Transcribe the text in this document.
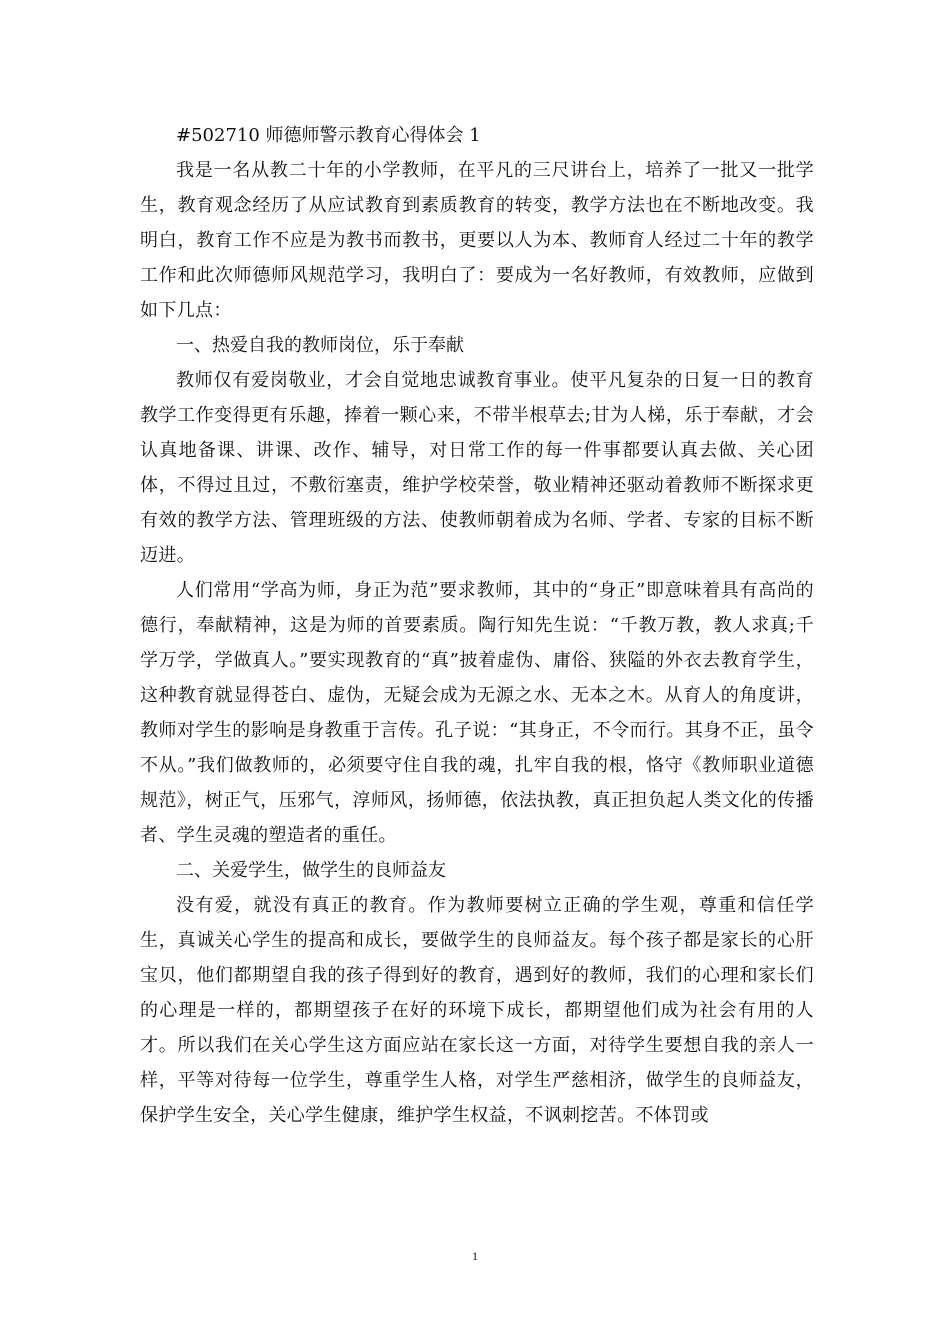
#502710 师德师警示教育心得体会 1

我是一名从教二十年的小学教师，在平凡的三尺讲台上，培养了一批又一批学生，教育观念经历了从应试教育到素质教育的转变，教学方法也在不断地改变。我明白，教育工作不应是为教书而教书，更要以人为本、教师育人经过二十年的教学工作和此次师德师风规范学习，我明白了：要成为一名好教师，有效教师，应做到如下几点：

一、热爱自我的教师岗位，乐于奉献

教师仅有爱岗敬业，才会自觉地忠诚教育事业。使平凡复杂的日复一日的教育教学工作变得更有乐趣，捧着一颗心来，不带半根草去;甘为人梯，乐于奉献，才会认真地备课、讲课、改作、辅导，对日常工作的每一件事都要认真去做、关心团体，不得过且过，不敷衍塞责，维护学校荣誉，敬业精神还驱动着教师不断探求更有效的教学方法、管理班级的方法、使教师朝着成为名师、学者、专家的目标不断迈进。

人们常用“学高为师，身正为范”要求教师，其中的“身正”即意味着具有高尚的德行，奉献精神，这是为师的首要素质。陶行知先生说：“千教万教，教人求真;千学万学，学做真人。”要实现教育的“真”披着虚伪、庸俗、狭隘的外衣去教育学生，这种教育就显得苍白、虚伪，无疑会成为无源之水、无本之木。从育人的角度讲，教师对学生的影响是身教重于言传。孔子说：“其身正，不令而行。其身不正，虽令不从。”我们做教师的，必须要守住自我的魂，扎牢自我的根，恪守《教师职业道德规范》，树正气，压邪气，淳师风，扬师德，依法执教，真正担负起人类文化的传播者、学生灵魂的塑造者的重任。

二、关爱学生，做学生的良师益友

没有爱，就没有真正的教育。作为教师要树立正确的学生观，尊重和信任学生，真诚关心学生的提高和成长，要做学生的良师益友。每个孩子都是家长的心肝宝贝，他们都期望自我的孩子得到好的教育，遇到好的教师，我们的心理和家长们的心理是一样的，都期望孩子在好的环境下成长，都期望他们成为社会有用的人才。所以我们在关心学生这方面应站在家长这一方面，对待学生要想自我的亲人一样，平等对待每一位学生，尊重学生人格，对学生严慈相济，做学生的良师益友，保护学生安全，关心学生健康，维护学生权益，不讽刺挖苦。不体罚或

1
